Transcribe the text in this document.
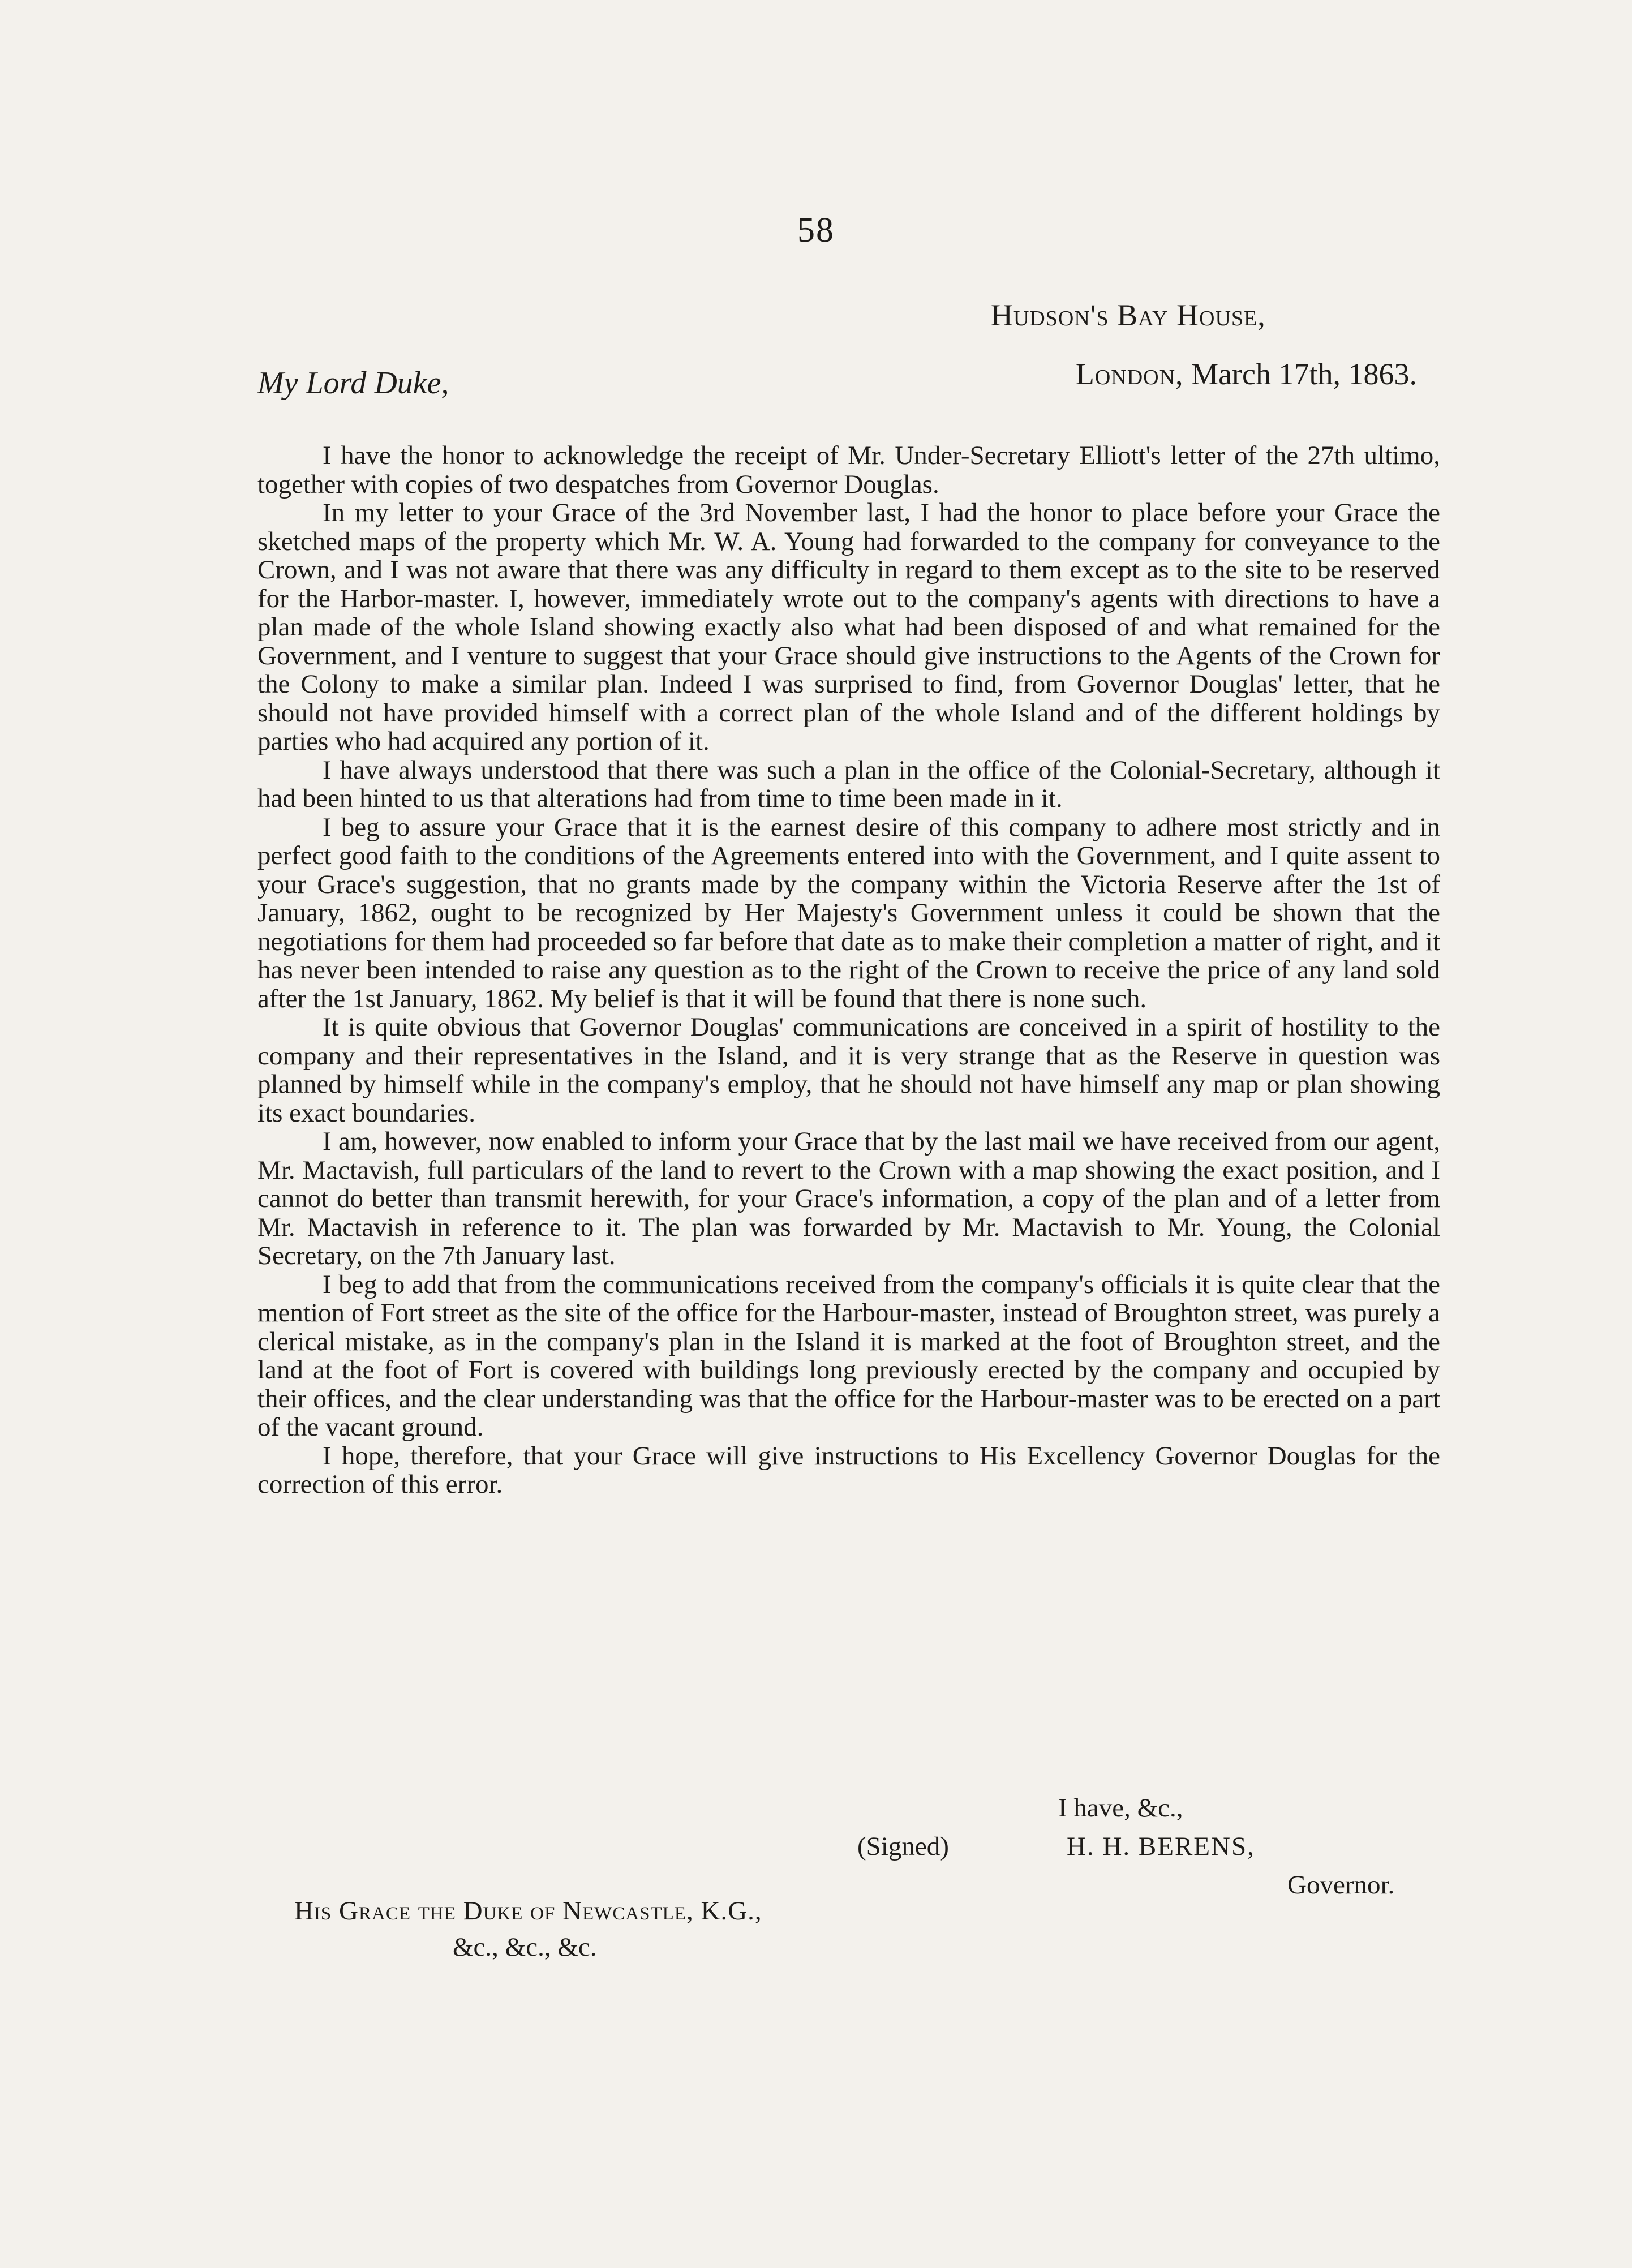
58
Hudson's Bay House,
London, March 17th, 1863.
My Lord Duke,

I have the honor to acknowledge the receipt of Mr. Under-Secretary Elliott's letter of the 27th ultimo, together with copies of two despatches from Governor Douglas.

In my letter to your Grace of the 3rd November last, I had the honor to place before your Grace the sketched maps of the property which Mr. W. A. Young had forwarded to the company for conveyance to the Crown, and I was not aware that there was any difficulty in regard to them except as to the site to be reserved for the Harbor-master. I, however, immediately wrote out to the company's agents with directions to have a plan made of the whole Island showing exactly also what had been disposed of and what remained for the Government, and I venture to suggest that your Grace should give instructions to the Agents of the Crown for the Colony to make a similar plan. Indeed I was surprised to find, from Governor Douglas' letter, that he should not have provided himself with a correct plan of the whole Island and of the different holdings by parties who had acquired any portion of it.

I have always understood that there was such a plan in the office of the Colonial-Secretary, although it had been hinted to us that alterations had from time to time been made in it.

I beg to assure your Grace that it is the earnest desire of this company to adhere most strictly and in perfect good faith to the conditions of the Agreements entered into with the Government, and I quite assent to your Grace's suggestion, that no grants made by the company within the Victoria Reserve after the 1st of January, 1862, ought to be recognized by Her Majesty's Government unless it could be shown that the negotiations for them had proceeded so far before that date as to make their completion a matter of right, and it has never been intended to raise any question as to the right of the Crown to receive the price of any land sold after the 1st January, 1862. My belief is that it will be found that there is none such.

It is quite obvious that Governor Douglas' communications are conceived in a spirit of hostility to the company and their representatives in the Island, and it is very strange that as the Reserve in question was planned by himself while in the company's employ, that he should not have himself any map or plan showing its exact boundaries.

I am, however, now enabled to inform your Grace that by the last mail we have received from our agent, Mr. Mactavish, full particulars of the land to revert to the Crown with a map showing the exact position, and I cannot do better than transmit herewith, for your Grace's information, a copy of the plan and of a letter from Mr. Mactavish in reference to it. The plan was forwarded by Mr. Mactavish to Mr. Young, the Colonial Secretary, on the 7th January last.

I beg to add that from the communications received from the company's officials it is quite clear that the mention of Fort street as the site of the office for the Harbour-master, instead of Broughton street, was purely a clerical mistake, as in the company's plan in the Island it is marked at the foot of Broughton street, and the land at the foot of Fort is covered with buildings long previously erected by the company and occupied by their offices, and the clear understanding was that the office for the Harbour-master was to be erected on a part of the vacant ground.

I hope, therefore, that your Grace will give instructions to His Excellency Governor Douglas for the correction of this error.

I have, &c.,
(Signed)	H. H. BERENS,
Governor.
His Grace the Duke of Newcastle, K.G.,
&c., &c., &c.
